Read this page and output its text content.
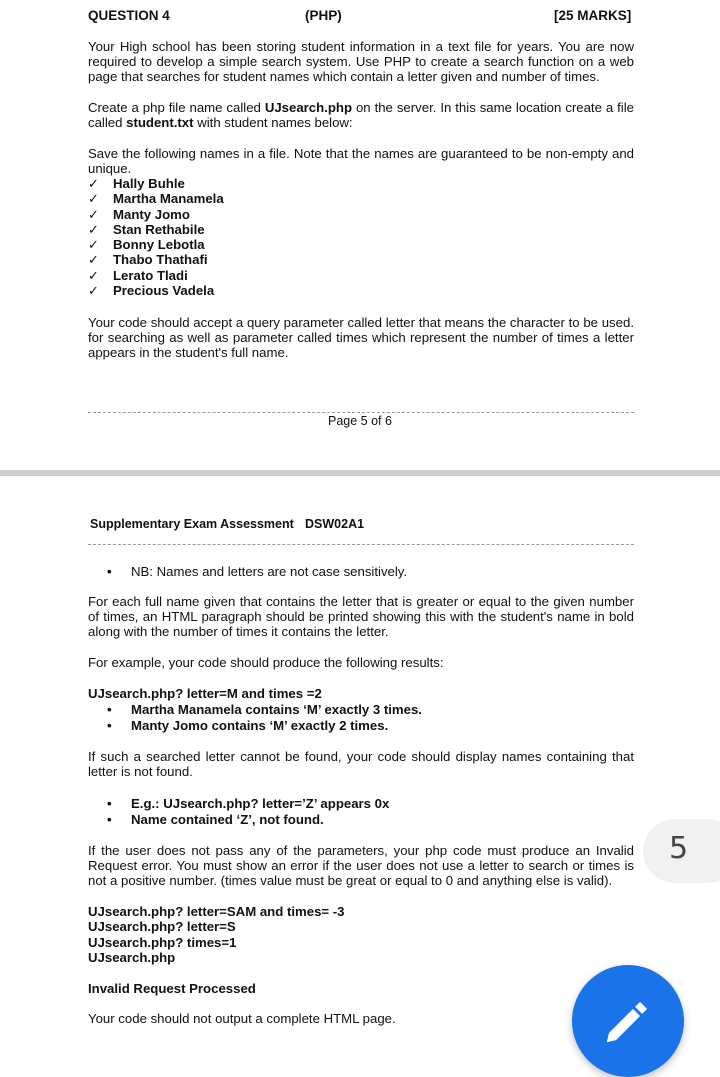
QUESTION 4	(PHP)	[25 MARKS]

Your High school has been storing student information in a text file for years. You are now required to develop a simple search system. Use PHP to create a search function on a web page that searches for student names which contain a letter given and number of times.

Create a php file name called UJsearch.php on the server. In this same location create a file called student.txt with student names below:

Save the following names in a file. Note that the names are guaranteed to be non-empty and unique.

✓ Hally Buhle
✓ Martha Manamela
✓ Manty Jomo
✓ Stan Rethabile
✓ Bonny Lebotla
✓ Thabo Thathafi
✓ Lerato Tladi
✓ Precious Vadela

Your code should accept a query parameter called letter that means the character to be used. for searching as well as parameter called times which represent the number of times a letter appears in the student's full name.

Page 5 of 6
Supplementary Exam Assessment DSW02A1
• NB: Names and letters are not case sensitively.

For each full name given that contains the letter that is greater or equal to the given number of times, an HTML paragraph should be printed showing this with the student's name in bold along with the number of times it contains the letter.

For example, your code should produce the following results:

UJsearch.php? letter=M and times =2

• Martha Manamela contains ‘M’ exactly 3 times.
• Manty Jomo contains ‘M’ exactly 2 times.

If such a searched letter cannot be found, your code should display names containing that letter is not found.

• E.g.: UJsearch.php? letter=’Z’ appears 0x
• Name contained ‘Z’, not found.

If the user does not pass any of the parameters, your php code must produce an Invalid Request error. You must show an error if the user does not use a letter to search or times is not a positive number. (times value must be great or equal to 0 and anything else is valid).

UJsearch.php? letter=SAM and times= -3
UJsearch.php? letter=S
UJsearch.php? times=1
UJsearch.php
Invalid Request Processed
Your code should not output a complete HTML page.
5
